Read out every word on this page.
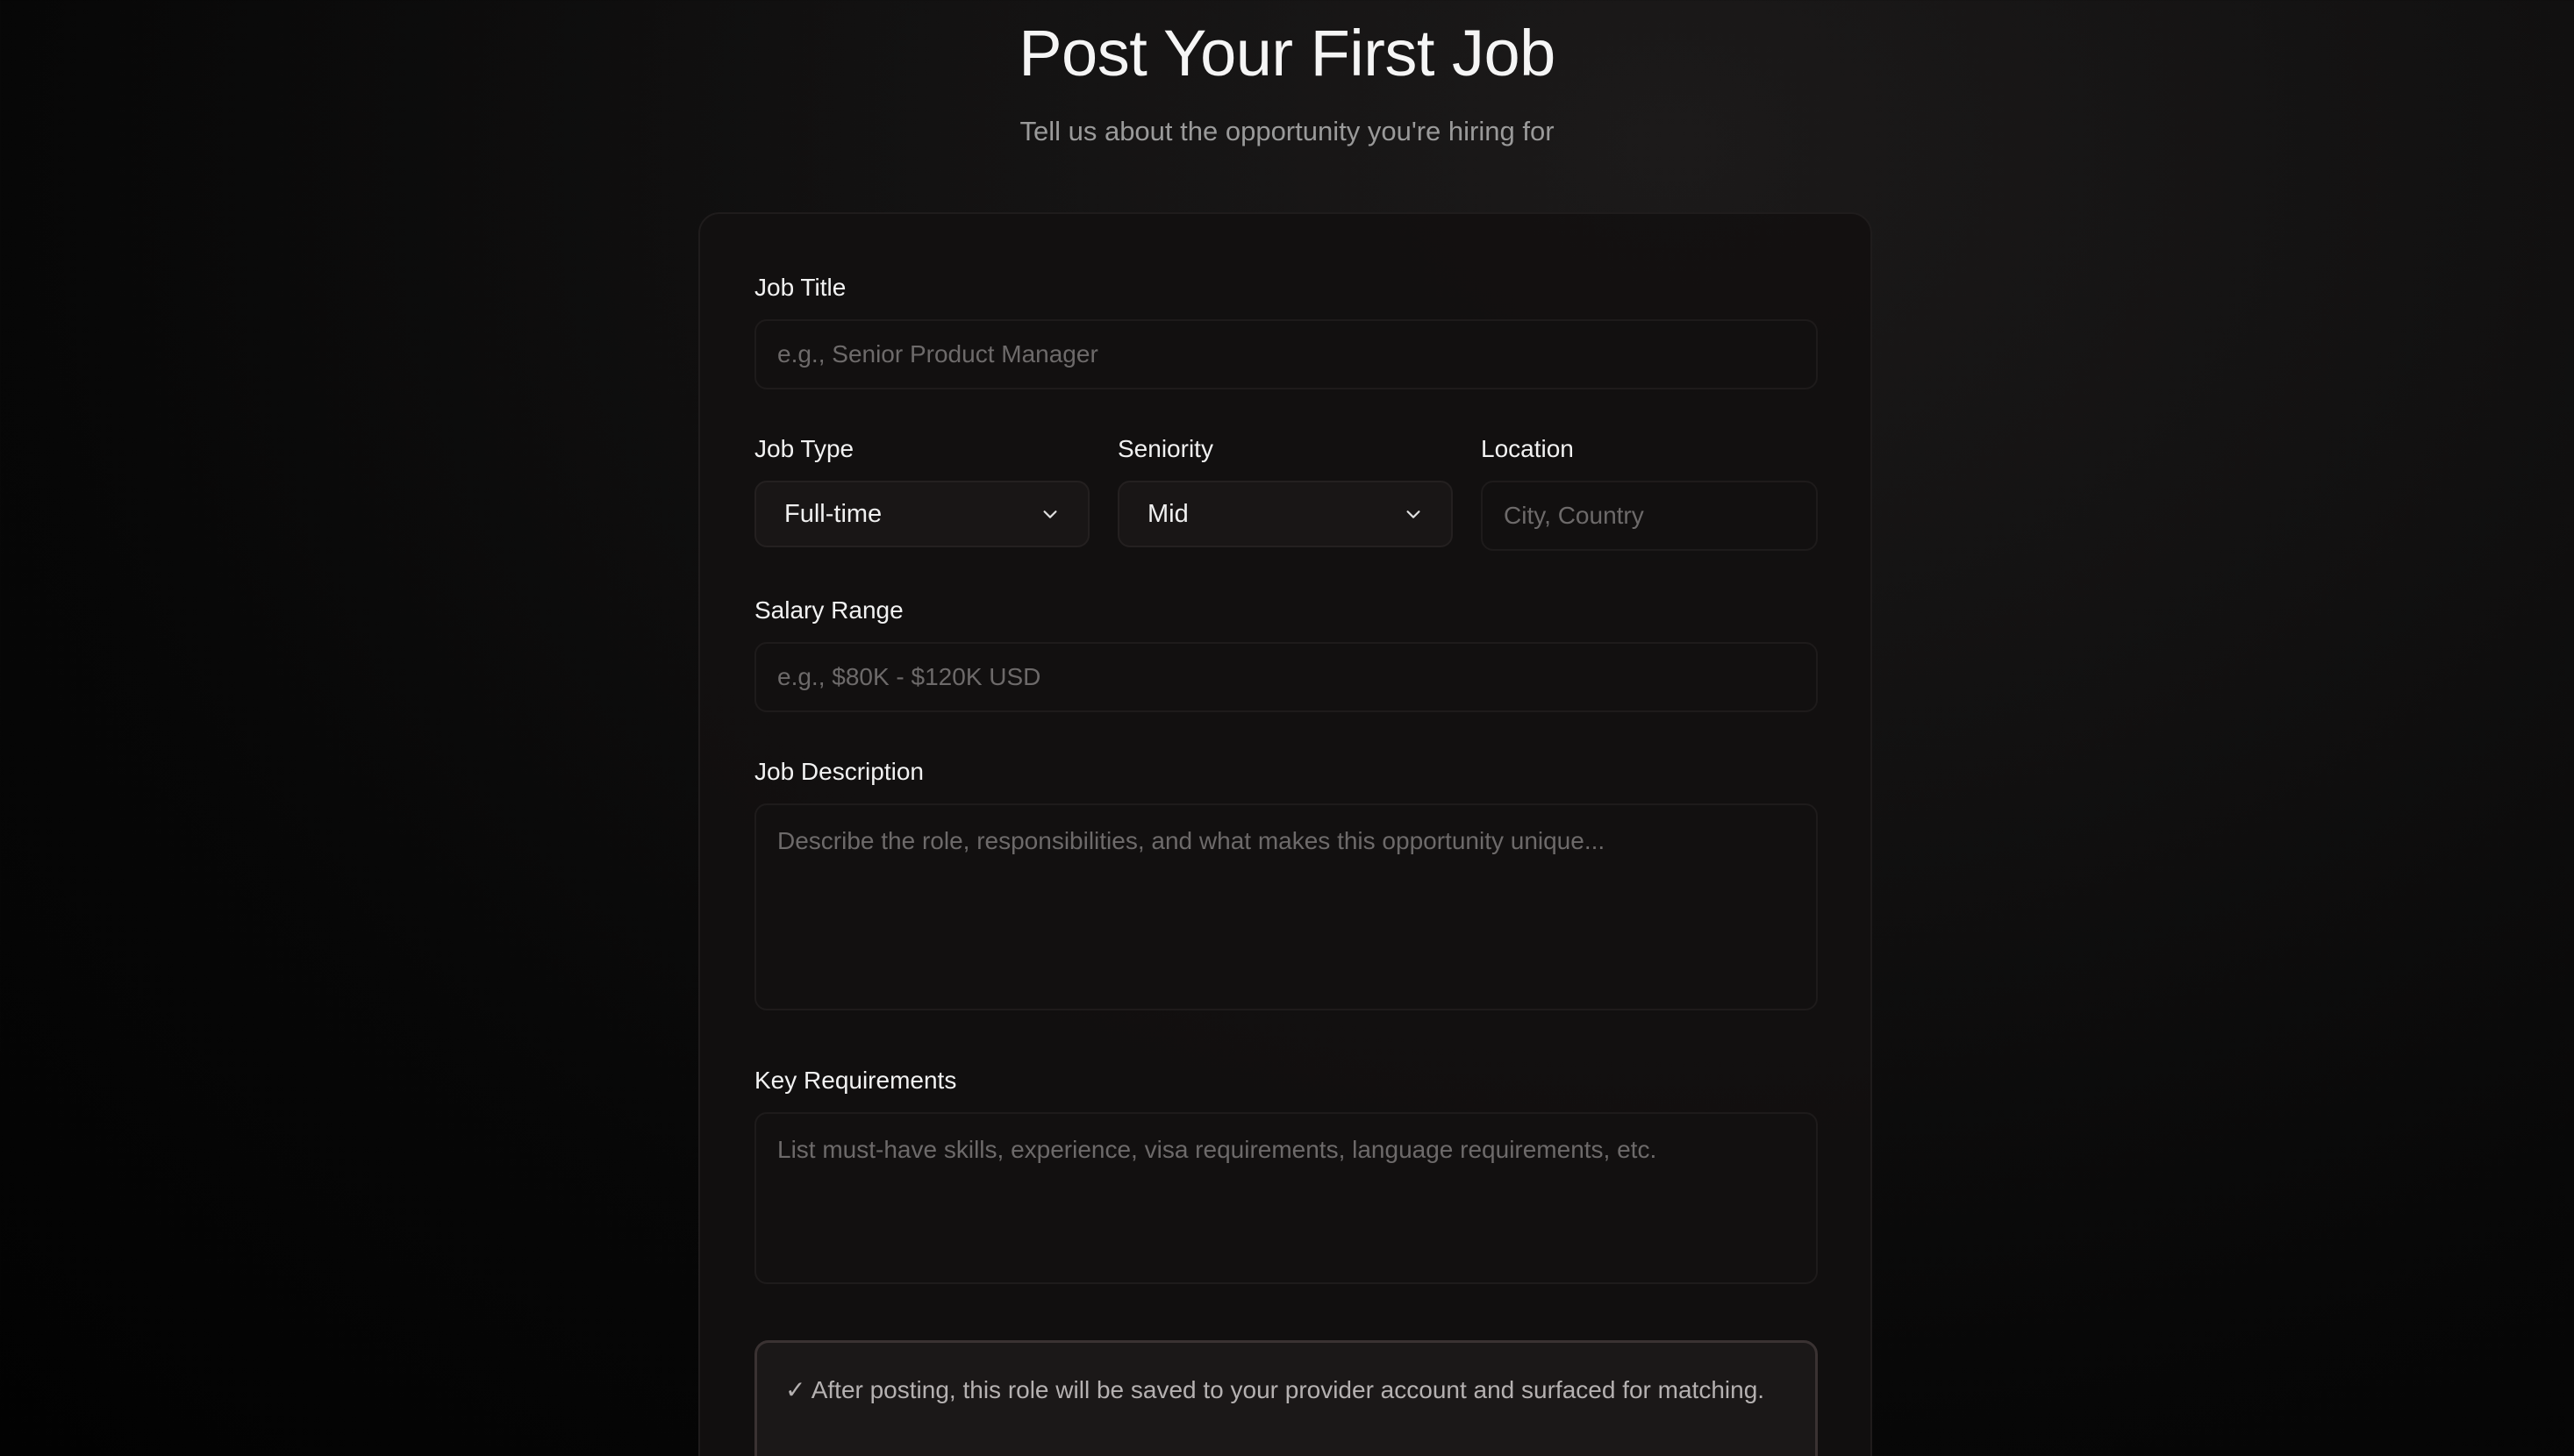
Post Your First Job

Tell us about the opportunity you're hiring for

Job Title
e.g., Senior Product Manager
Job Type
Full-time
Seniority
Mid
Location
City, Country
Salary Range
e.g., $80K - $120K USD
Job Description
Describe the role, responsibilities, and what makes this opportunity unique...
Key Requirements
List must-have skills, experience, visa requirements, language requirements, etc.
✓ After posting, this role will be saved to your provider account and surfaced for matching.
